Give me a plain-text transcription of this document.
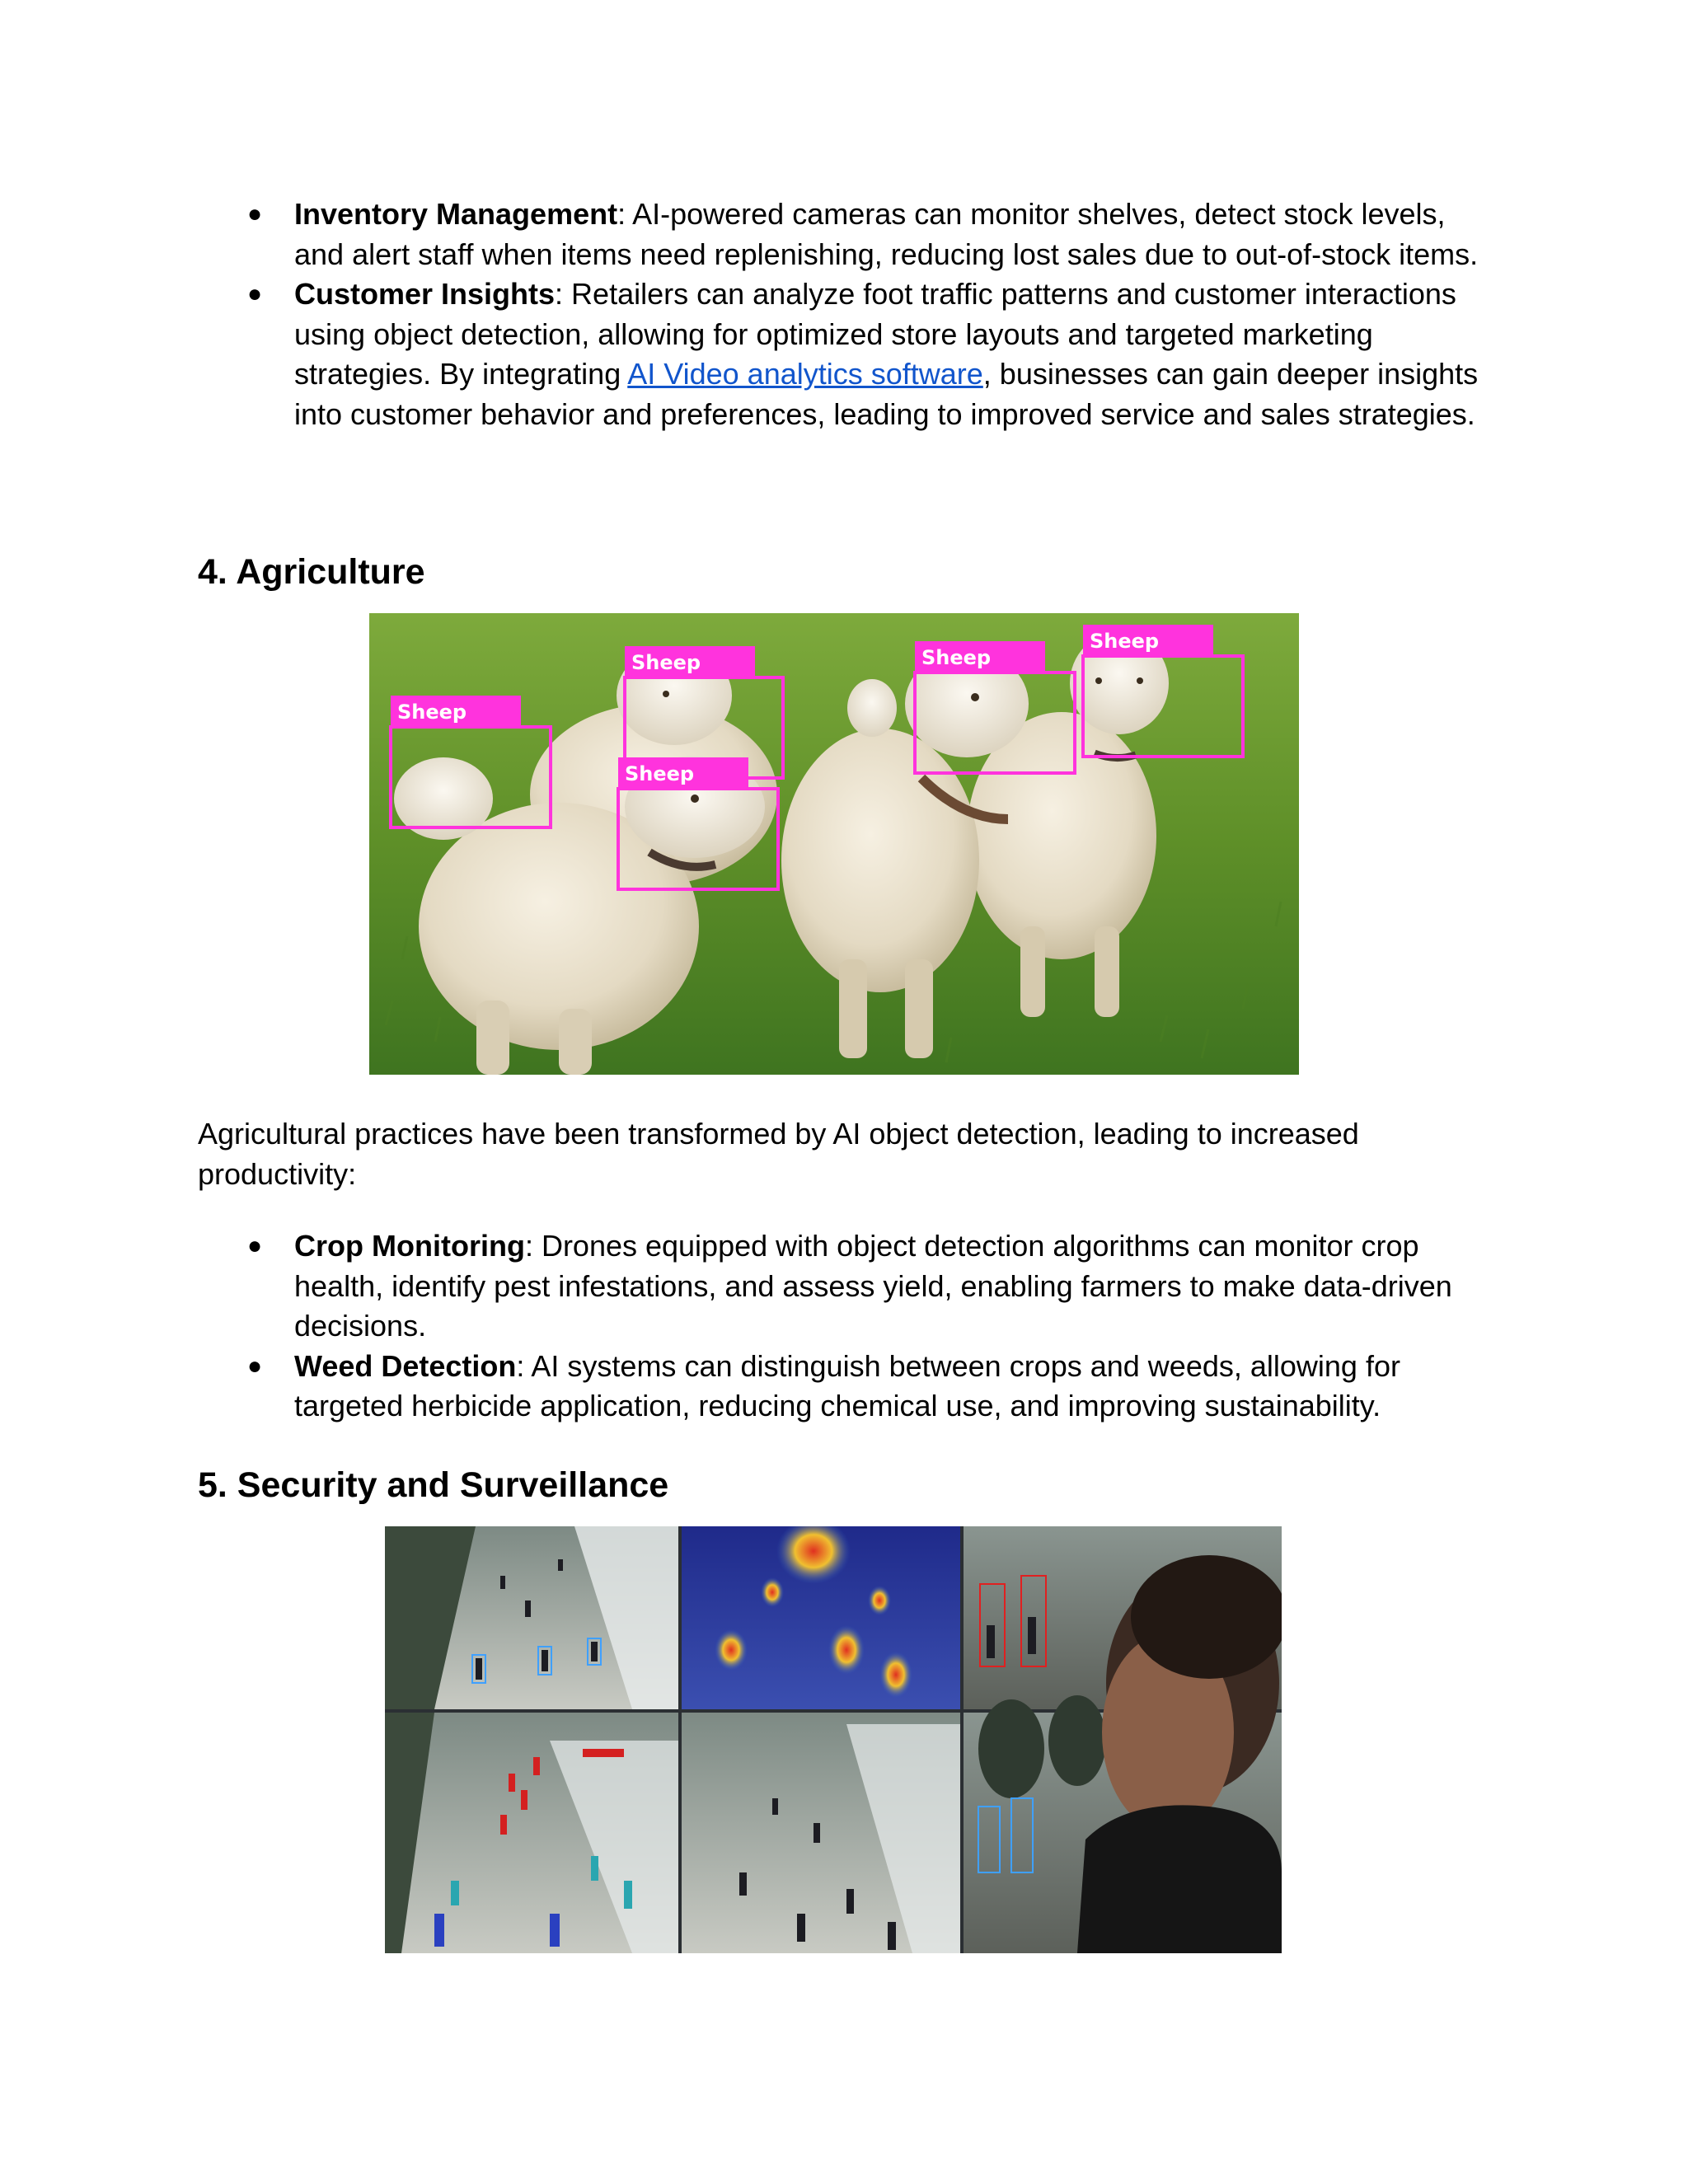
● Inventory Management: AI-powered cameras can monitor shelves, detect stock levels, and alert staff when items need replenishing, reducing lost sales due to out-of-stock items.
● Customer Insights: Retailers can analyze foot traffic patterns and customer interactions using object detection, allowing for optimized store layouts and targeted marketing strategies. By integrating AI Video analytics software, businesses can gain deeper insights into customer behavior and preferences, leading to improved service and sales strategies.
4. Agriculture
Sheep
Sheep
Sheep
Sheep
Sheep

Agricultural practices have been transformed by AI object detection, leading to increased productivity:

● Crop Monitoring: Drones equipped with object detection algorithms can monitor crop health, identify pest infestations, and assess yield, enabling farmers to make data-driven decisions.
● Weed Detection: AI systems can distinguish between crops and weeds, allowing for targeted herbicide application, reducing chemical use, and improving sustainability.
5. Security and Surveillance
